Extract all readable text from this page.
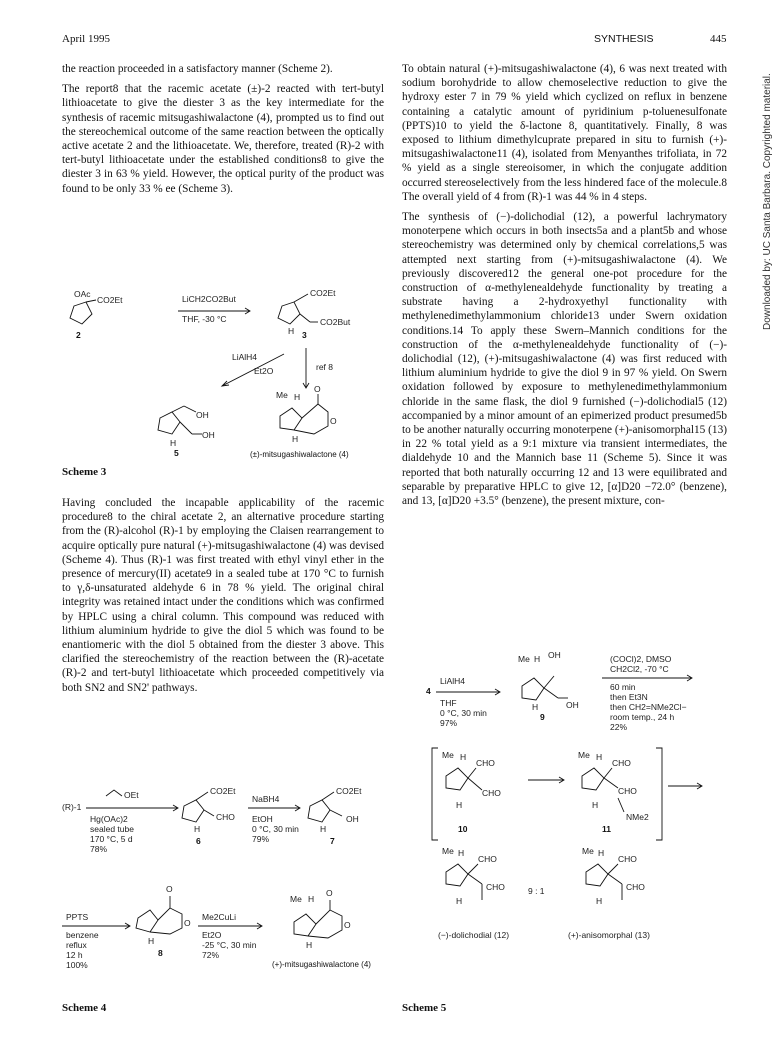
April 1995	SYNTHESIS	445

the reaction proceeded in a satisfactory manner (Scheme 2).

The report8 that the racemic acetate (±)-2 reacted with tert-butyl lithioacetate to give the diester 3 as the key intermediate for the synthesis of racemic mitsugashiwalactone (4), prompted us to find out the stereochemical outcome of the same reaction between the optically active acetate 2 and the lithioacetate. We, therefore, treated (R)-2 with tert-butyl lithioacetate under the established conditions8 to give the diester 3 in 63 % yield. However, the optical purity of the product was found to be only 33 % ee (Scheme 3).

OAc
CO2Et
2
LiCH2CO2But
THF, -30 °C
CO2Et
CO2But
H 3
LiAlH4
Et2O	ref 8
OH
OH
H
5
Me H
O
O
H
(±)-mitsugashiwalactone (4)
Scheme 3

Having concluded the incapable applicability of the racemic procedure8 to the chiral acetate 2, an alternative procedure starting from the (R)-alcohol (R)-1 by employing the Claisen rearrangement to acquire optically pure natural (+)-mitsugashiwalactone (4) was devised (Scheme 4). Thus (R)-1 was first treated with ethyl vinyl ether in the presence of mercury(II) acetate9 in a sealed tube at 170 °C to furnish to γ,δ-unsaturated aldehyde 6 in 78 % yield. The original chiral integrity was retained intact under the conditions which was confirmed by HPLC using a chiral column. This compound was reduced with lithium aluminium hydride to give the diol 5 which was found to be enantiomeric with the diol 5 obtained from the diester 3 above. This clarified the stereochemistry of the reaction between the (R)-acetate (R)-2 and tert-butyl lithioacetate which proceeded competitively via both SN2 and SN2' pathways.

(R)-1
OEt
Hg(OAc)2
sealed tube
170 °C, 5 d
78%
CO2Et
CHO
H
6
NaBH4
EtOH
0 °C, 30 min
79%
CO2Et
OH
H
7
PPTS
benzene
reflux
12 h
100%
O
O
H
8
Me2CuLi
Et2O
-25 °C, 30 min
72%
Me H
O
O
H
(+)-mitsugashiwalactone (4)
Scheme 4

To obtain natural (+)-mitsugashiwalactone (4), 6 was next treated with sodium borohydride to allow chemoselective reduction to give the hydroxy ester 7 in 79 % yield which cyclized on reflux in benzene containing a catalytic amount of pyridinium p-toluenesulfonate (PPTS)10 to yield the δ-lactone 8, quantitatively. Finally, 8 was exposed to lithium dimethylcuprate prepared in situ to furnish (+)-mitsugashiwalactone11 (4), isolated from Menyanthes trifoliata, in 72 % yield as a single stereoisomer, in which the conjugate addition occurred stereoselectively from the less hindered face of the molecule.8 The overall yield of 4 from (R)-1 was 44 % in 4 steps.

The synthesis of (−)-dolichodial (12), a powerful lachrymatory monoterpene which occurs in both insects5a and a plant5b and whose stereochemistry was determined only by chemical correlations,5 was attempted next starting from (+)-mitsugashiwalactone (4). We previously discovered12 the general one-pot procedure for the construction of α-methylenealdehyde functionality by treating a substrate having a 2-hydroxyethyl functionality with methylenedimethylammonium chloride13 under Swern oxidation conditions.14 To apply these Swern–Mannich conditions for the construction of the α-methylenealdehyde functionality of (−)-dolichodial (12), (+)-mitsugashiwalactone (4) was first reduced with lithium aluminium hydride to give the diol 9 in 97 % yield. On Swern oxidation followed by exposure to methylenedimethylammonium chloride in the same flask, the diol 9 furnished (−)-dolichodial5 (12) accompanied by a minor amount of an epimerized product presumed5b to be another naturally occurring monoterpene (+)-anisomorphal15 (13) in 22 % total yield as a 9:1 mixture via transient intermediates, the dialdehyde 10 and the Mannich base 11 (Scheme 5). Since it was reported that both naturally occurring 12 and 13 were equilibrated and separable by preparative HPLC to give 12, [α]D20 −72.0° (benzene), and 13, [α]D20 +3.5° (benzene), the present mixture, con-

4
LiAlH4
THF
0 °C, 30 min
97%
Me H OH
OH
H
9
(COCl)2, DMSO
CH2Cl2, -70 °C
60 min
then Et3N
then CH2=NMe2Cl−
room temp., 24 h
22%
Me H
CHO
CHO
H
10
Me H
CHO
CHO
NMe2
H
11
Me H
CHO
CHO
H
9 : 1
Me H
CHO
CHO
H
(−)-dolichodial (12)	(+)-anisomorphal (13)
Scheme 5
Downloaded by: UC Santa Barbara. Copyrighted material.
